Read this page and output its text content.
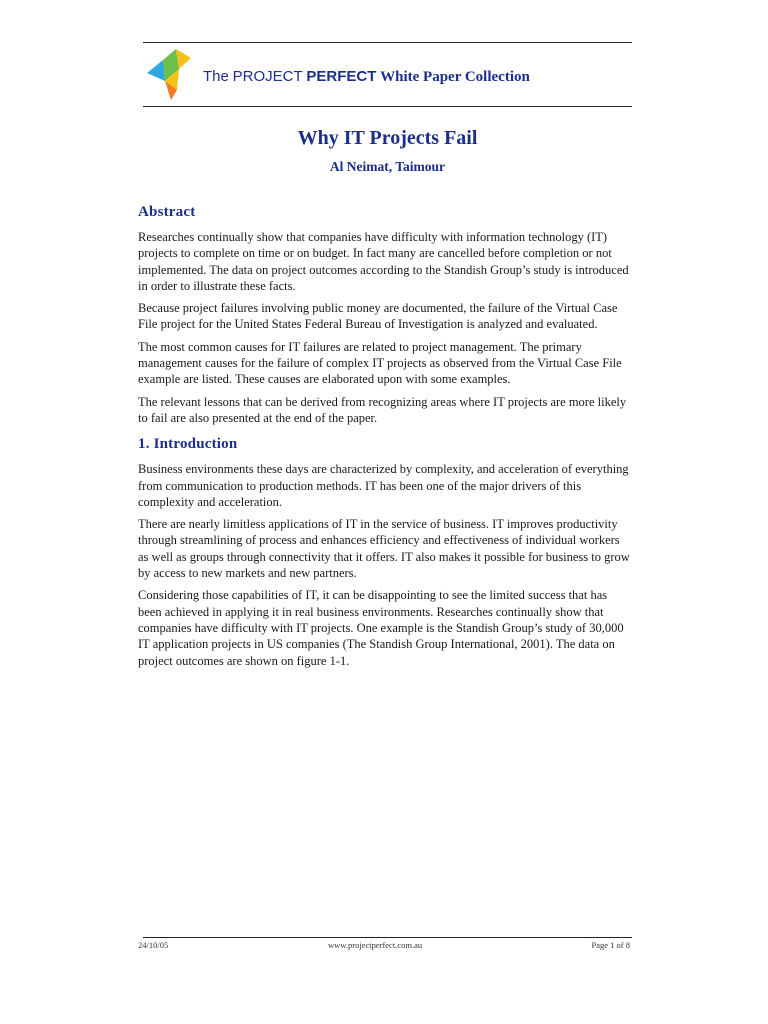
The PROJECT PERFECT White Paper Collection
Why IT Projects Fail
Al Neimat, Taimour
Abstract

Researches continually show that companies have difficulty with information technology (IT) projects to complete on time or on budget. In fact many are cancelled before completion or not implemented. The data on project outcomes according to the Standish Group’s study is introduced in order to illustrate these facts.

Because project failures involving public money are documented, the failure of the Virtual Case File project for the United States Federal Bureau of Investigation is analyzed and evaluated.

The most common causes for IT failures are related to project management. The primary management causes for the failure of complex IT projects as observed from the Virtual Case File example are listed. These causes are elaborated upon with some examples.

The relevant lessons that can be derived from recognizing areas where IT projects are more likely to fail are also presented at the end of the paper.

1. Introduction

Business environments these days are characterized by complexity, and acceleration of everything from communication to production methods. IT has been one of the major drivers of this complexity and acceleration.

There are nearly limitless applications of IT in the service of business. IT improves productivity through streamlining of process and enhances efficiency and effectiveness of individual workers as well as groups through connectivity that it offers. IT also makes it possible for business to grow by access to new markets and new partners.

Considering those capabilities of IT, it can be disappointing to see the limited success that has been achieved in applying it in real business environments. Researches continually show that companies have difficulty with IT projects. One example is the Standish Group’s study of 30,000 IT application projects in US companies (The Standish Group International, 2001). The data on project outcomes are shown on figure 1-1.

24/10/05	www.projectperfect.com.au	Page 1 of 8
